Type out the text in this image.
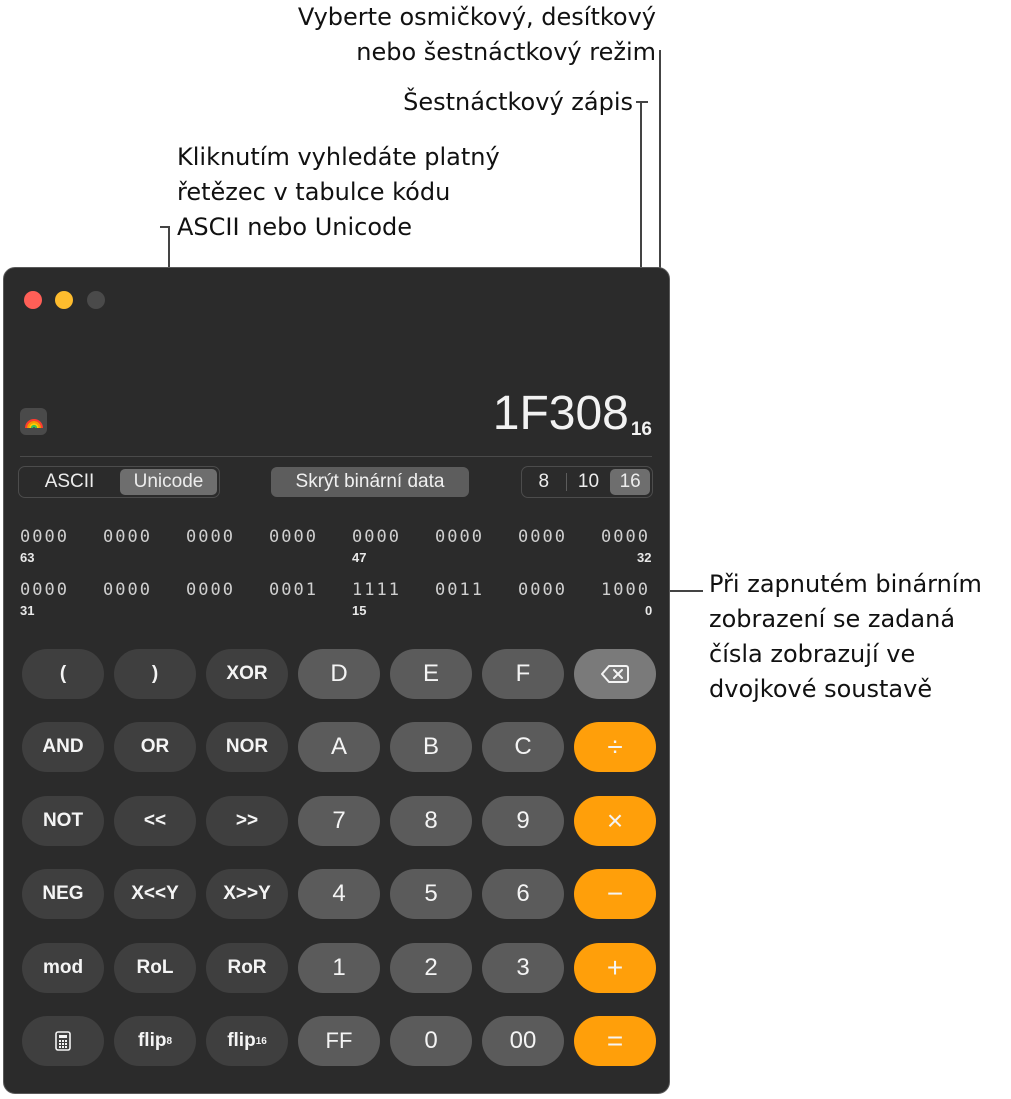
Vyberte osmičkový, desítkový
nebo šestnáctkový režim
Šestnáctkový zápis
Kliknutím vyhledáte platný
řetězec v tabulce kódu
ASCII nebo Unicode
Při zapnutém binárním
zobrazení se zadaná
čísla zobrazují ve
dvojkové soustavě
1F308 16
ASCII	Unicode	Skrýt binární data	8	10	16
0000	0000	0000	0000	0000	0000	0000	0000
63	47	32
0000	0000	0000	0001	1111	0011	0000	1000
31	15	0
(	)	XOR	D	E	F
AND	OR	NOR	A	B	C	÷
NOT	<<	>>	7	8	9	×
NEG	X<<Y	X>>Y	4	5	6	−
mod	RoL	RoR	1	2	3	+
flip 8	flip 16	FF	0	00	=
